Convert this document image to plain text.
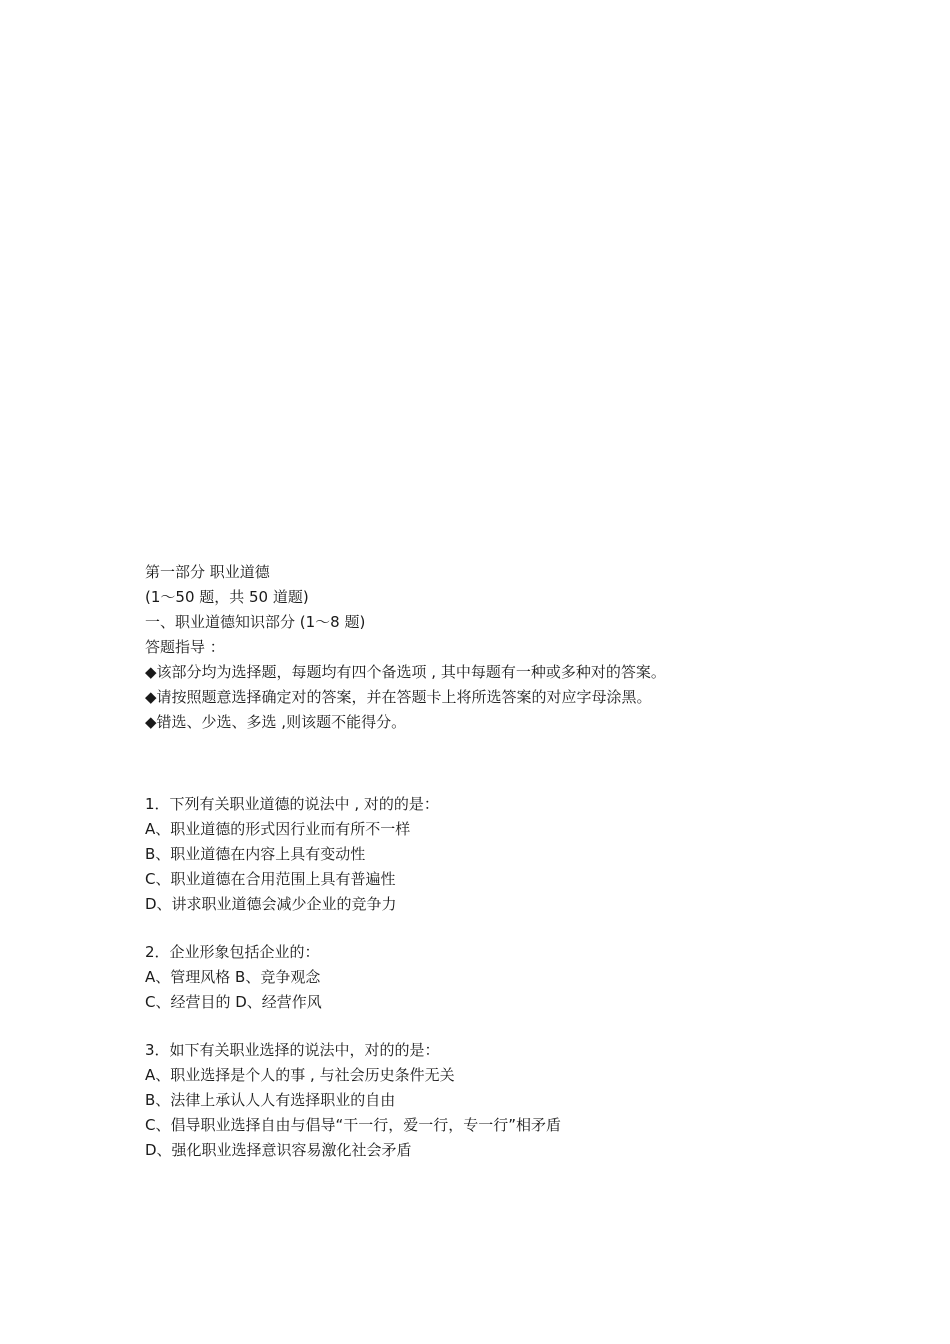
第一部分 职业道德
(1～50 题，共 50 道题)
一、职业道德知识部分 (1～8 题)
答题指导 ：
◆该部分均为选择题，每题均有四个备选项 , 其中每题有一种或多种对的答案。
◆请按照题意选择确定对的答案，并在答题卡上将所选答案的对应字母涂黑。
◆错选、少选、多选 ,则该题不能得分。
1．下列有关职业道德的说法中 , 对的的是：
A、职业道德的形式因行业而有所不一样
B、职业道德在内容上具有变动性
C、职业道德在合用范围上具有普遍性
D、讲求职业道德会减少企业的竞争力
2．企业形象包括企业的：
A、管理风格 B、竞争观念
C、经营目的 D、经营作风
3．如下有关职业选择的说法中，对的的是：
A、职业选择是个人的事 , 与社会历史条件无关
B、法律上承认人人有选择职业的自由
C、倡导职业选择自由与倡导“干一行，爱一行，专一行”相矛盾
D、强化职业选择意识容易激化社会矛盾
